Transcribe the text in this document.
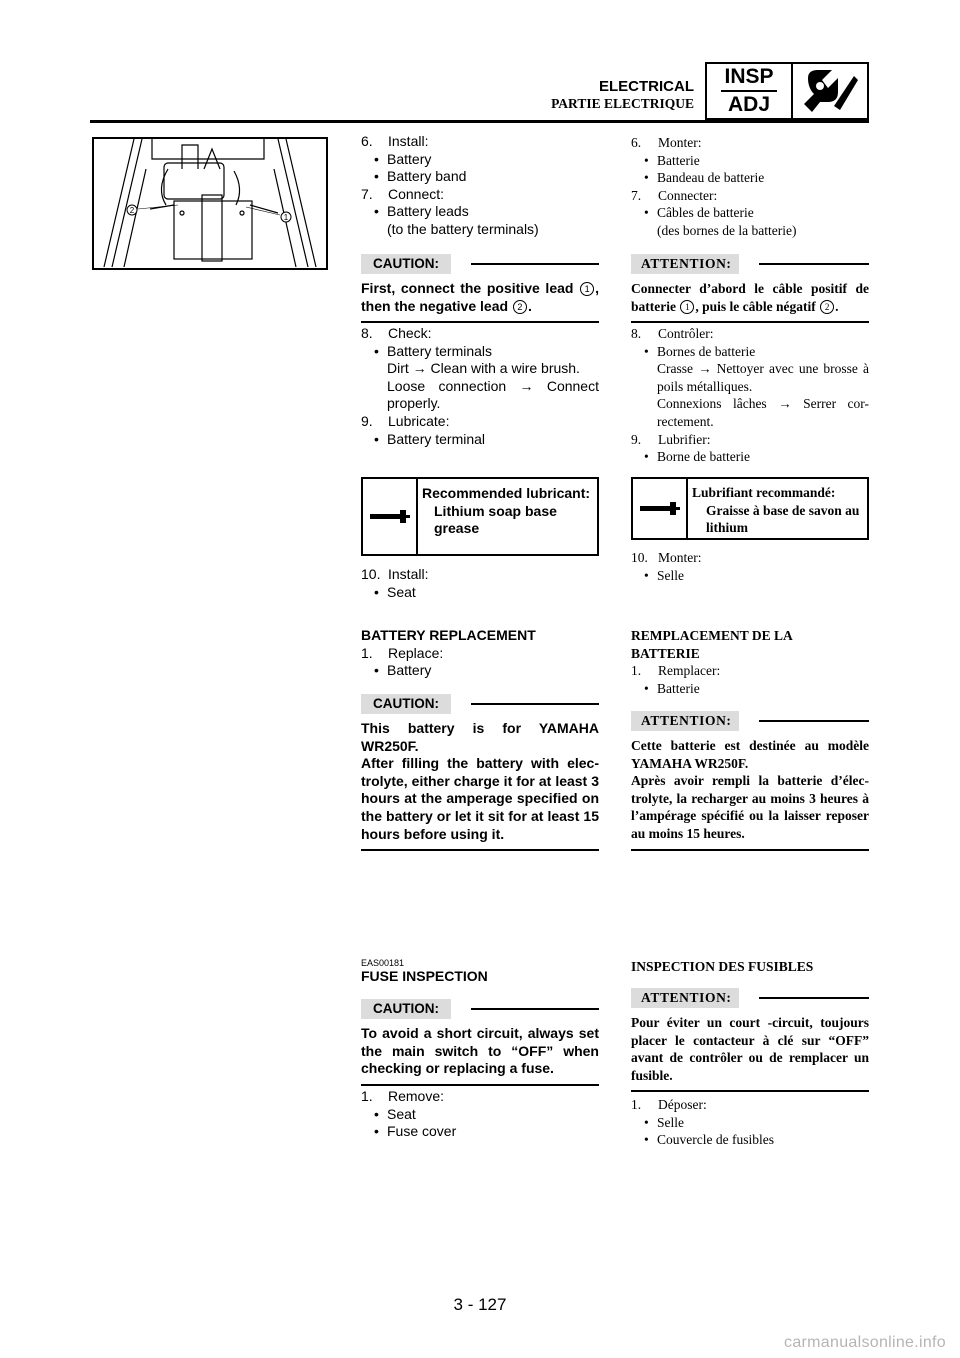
ELECTRICAL
PARTIE ELECTRIQUE
INSP
ADJ
2
1
6.	Install:
• Battery
• Battery band
7.	Connect:
• Battery leads
(to the battery terminals)
CAUTION:
First, connect the positive lead 1 , then the negative lead 2 .
8.	Check:
• Battery terminals
Dirt → Clean with a wire brush.
Loose connection → Connect properly.
9.	Lubricate:
• Battery terminal
Recommended lubricant:
Lithium soap base grease
10. Install:
• Seat
BATTERY REPLACEMENT
1.	Replace:
• Battery
CAUTION:
This battery is for YAMAHA WR250F.
After filling the battery with elec-trolyte, either charge it for at least 3 hours at the amperage specified on the battery or let it sit for at least 15 hours before using it.
EAS00181
FUSE INSPECTION
CAUTION:
To avoid a short circuit, always set the main switch to “OFF” when checking or replacing a fuse.
1.	Remove:
• Seat
• Fuse cover
6.	Monter:
• Batterie
• Bandeau de batterie
7.	Connecter:
• Câbles de batterie
(des bornes de la batterie)
ATTENTION:
Connecter d’abord le câble positif de batterie 1 , puis le câble négatif 2 .
8.	Contrôler:
• Bornes de batterie
Crasse → Nettoyer avec une brosse à poils métalliques.
Connexions lâches → Serrer cor-rectement.
9.	Lubrifier:
• Borne de batterie
Lubrifiant recommandé:
Graisse à base de savon au lithium
10. Monter:
• Selle
REMPLACEMENT DE LA BATTERIE
1.	Remplacer:
• Batterie
ATTENTION:
Cette batterie est destinée au modèle YAMAHA WR250F.
Après avoir rempli la batterie d’élec-trolyte, la recharger au moins 3 heures à l’ampérage spécifié ou la laisser reposer au moins 15 heures.
INSPECTION DES FUSIBLES
ATTENTION:
Pour éviter un court -circuit, toujours placer le contacteur à clé sur “OFF” avant de contrôler ou de remplacer un fusible.
1.	Déposer:
• Selle
• Couvercle de fusibles
3 - 127
carmanualsonline.info
